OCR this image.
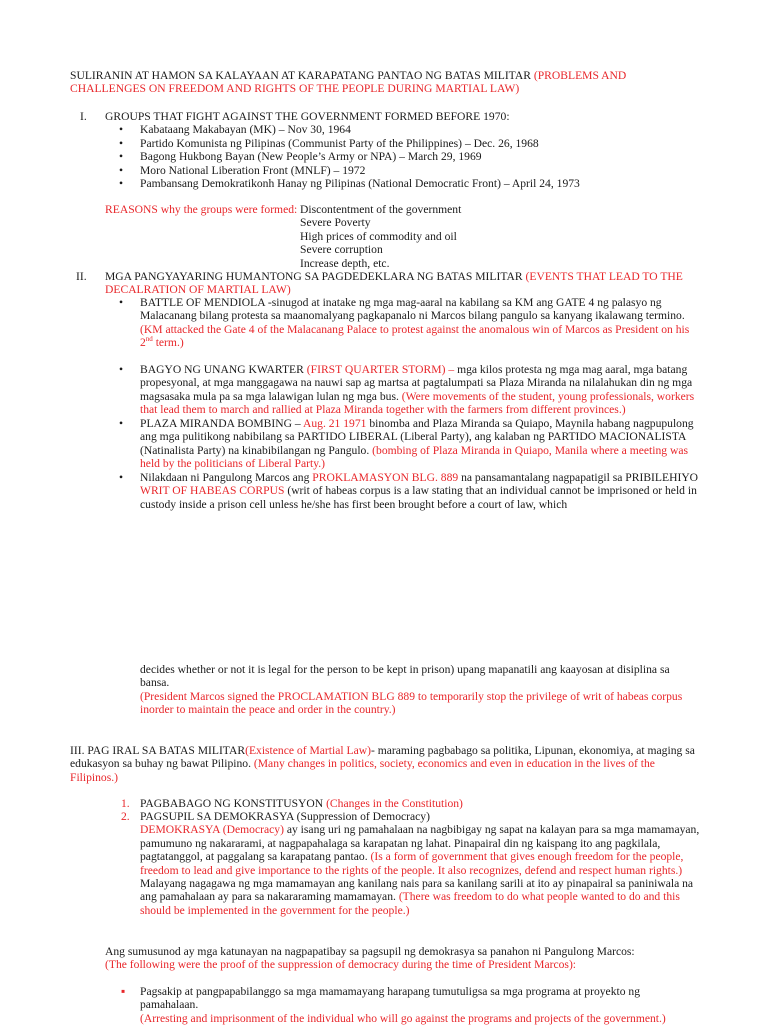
SULIRANIN AT HAMON SA KALAYAAN AT KARAPATANG PANTAO NG BATAS MILITAR (PROBLEMS AND CHALLENGES ON FREEDOM AND RIGHTS OF THE PEOPLE DURING MARTIAL LAW)
I. GROUPS THAT FIGHT AGAINST THE GOVERNMENT FORMED BEFORE 1970:
Kabataang Makabayan (MK) – Nov 30, 1964
Partido Komunista ng Pilipinas (Communist Party of the Philippines) – Dec. 26, 1968
Bagong Hukbong Bayan (New People’s Army or NPA) – March 29, 1969
Moro National Liberation Front (MNLF) – 1972
Pambansang Demokratikonh Hanay ng Pilipinas (National Democratic Front) – April 24, 1973
REASONS why the groups were formed: Discontentment of the government
Severe Poverty
High prices of commodity and oil
Severe corruption
Increase depth, etc.
II. MGA PANGYAYARING HUMANTONG SA PAGDEDEKLARA NG BATAS MILITAR (EVENTS THAT LEAD TO THE DECALRATION OF MARTIAL LAW)
BATTLE OF MENDIOLA -sinugod at inatake ng mga mag-aaral na kabilang sa KM ang GATE 4 ng palasyo ng Malacanang bilang protesta sa maanomalyang pagkapanalo ni Marcos bilang pangulo sa kanyang ikalawang termino.
(KM attacked the Gate 4 of the Malacanang Palace to protest against the anomalous win of Marcos as President on his 2nd term.)
BAGYO NG UNANG KWARTER (FIRST QUARTER STORM) – mga kilos protesta ng mga mag aaral, mga batang propesyonal, at mga manggagawa na nauwi sap ag martsa at pagtalumpati sa Plaza Miranda na nilalahukan din ng mga magsasaka mula pa sa mga lalawigan lulan ng mga bus. (Were movements of the student, young professionals, workers that lead them to march and rallied at Plaza Miranda together with the farmers from different provinces.)
PLAZA MIRANDA BOMBING – Aug. 21 1971 binomba and Plaza Miranda sa Quiapo, Maynila habang nagpupulong ang mga pulitikong nabibilang sa PARTIDO LIBERAL (Liberal Party), ang kalaban ng PARTIDO MACIONALISTA (Natinalista Party) na kinabibilangan ng Pangulo. (bombing of Plaza Miranda in Quiapo, Manila where a meeting was held by the politicians of Liberal Party.)
Nilakdaan ni Pangulong Marcos ang PROKLAMASYON BLG. 889 na pansamantalang nagpapatigil sa PRIBILEHIYO WRIT OF HABEAS CORPUS (writ of habeas corpus is a law stating that an individual cannot be imprisoned or held in custody inside a prison cell unless he/she has first been brought before a court of law, which
decides whether or not it is legal for the person to be kept in prison) upang mapanatili ang kaayosan at disiplina sa bansa.
(President Marcos signed the PROCLAMATION BLG 889 to temporarily stop the privilege of writ of habeas corpus inorder to maintain the peace and order in the country.)
III. PAG IRAL SA BATAS MILITAR(Existence of Martial Law)- maraming pagbabago sa politika, Lipunan, ekonomiya, at maging sa edukasyon sa buhay ng bawat Pilipino. (Many changes in politics, society, economics and even in education in the lives of the Filipinos.)
1. PAGBABAGO NG KONSTITUSYON (Changes in the Constitution)
2. PAGSUPIL SA DEMOKRASYA (Suppression of Democracy)
DEMOKRASYA (Democracy) ay isang uri ng pamahalaan na nagbibigay ng sapat na kalayan para sa mga mamamayan, pamumuno ng nakararami, at nagpapahalaga sa karapatan ng lahat. Pinapairal din ng kaispang ito ang pagkilala, pagtatanggol, at paggalang sa karapatang pantao. (Is a form of government that gives enough freedom for the people, freedom to lead and give importance to the rights of the people. It also recognizes, defend and respect human rights.)
Malayang nagagawa ng mga mamamayan ang kanilang nais para sa kanilang sarili at ito ay pinapairal sa paniniwala na ang pamahalaan ay para sa nakararaming mamamayan. (There was freedom to do what people wanted to do and this should be implemented in the government for the people.)
Ang sumusunod ay mga katunayan na nagpapatibay sa pagsupil ng demokrasya sa panahon ni Pangulong Marcos:
(The following were the proof of the suppression of democracy during the time of President Marcos):
Pagsakip at pangpapabilanggo sa mga mamamayang harapang tumutuligsa sa mga programa at proyekto ng pamahalaan.
(Arresting and imprisonment of the individual who will go against the programs and projects of the government.)
